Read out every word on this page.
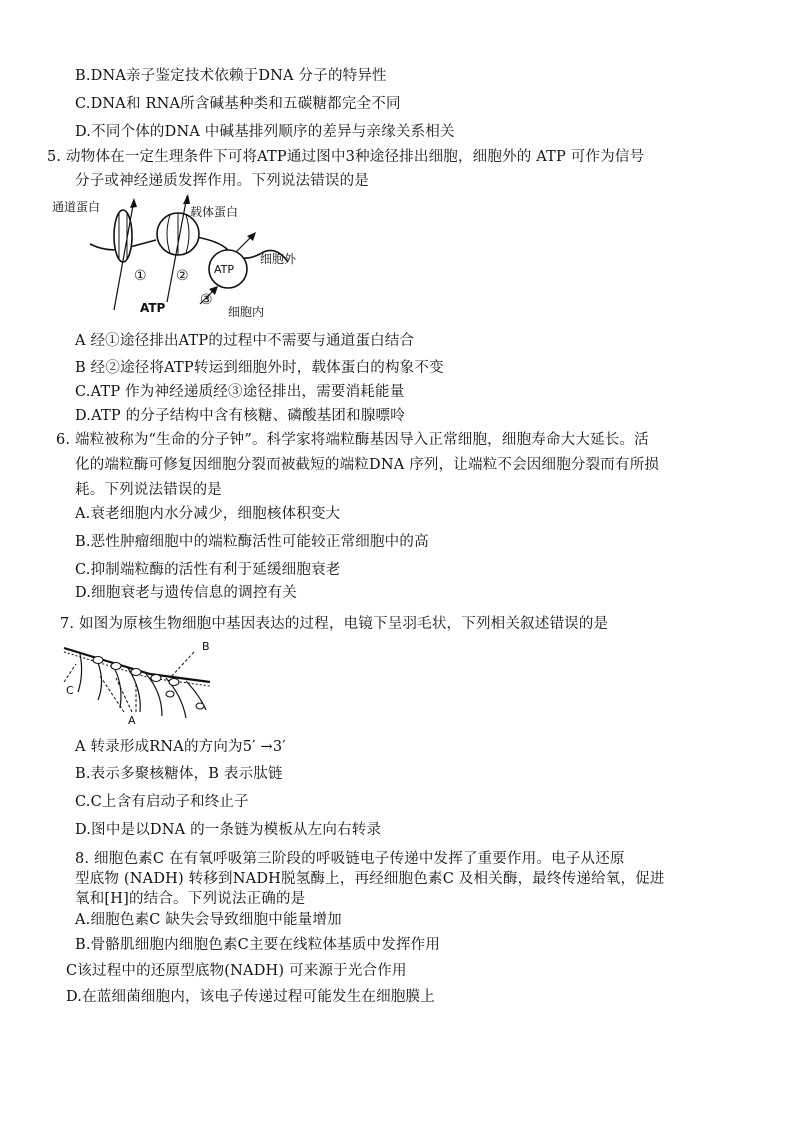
B.DNA亲子鉴定技术依赖于DNA 分子的特异性
C.DNA和 RNA所含碱基种类和五碳糖都完全不同
D.不同个体的DNA 中碱基排列顺序的差异与亲缘关系相关
5. 动物体在一定生理条件下可将ATP通过图中3种途径排出细胞，细胞外的 ATP 可作为信号
分子或神经递质发挥作用。下列说法错误的是
通道蛋白	载体蛋白
细胞外
细胞内
ATP
ATP
① ②
③
A 经①途径排出ATP的过程中不需要与通道蛋白结合
B 经②途径将ATP转运到细胞外时，载体蛋白的构象不变
C.ATP 作为神经递质经③途径排出，需要消耗能量
D.ATP 的分子结构中含有核糖、磷酸基团和腺嘌呤
6. 端粒被称为“生命的分子钟”。科学家将端粒酶基因导入正常细胞，细胞寿命大大延长。活
化的端粒酶可修复因细胞分裂而被截短的端粒DNA 序列，让端粒不会因细胞分裂而有所损
耗。下列说法错误的是
A.衰老细胞内水分减少，细胞核体积变大
B.恶性肿瘤细胞中的端粒酶活性可能较正常细胞中的高
C.抑制端粒酶的活性有利于延缓细胞衰老
D.细胞衰老与遗传信息的调控有关
7. 如图为原核生物细胞中基因表达的过程，电镜下呈羽毛状，下列相关叙述错误的是
C
A
B
A 转录形成RNA的方向为5′ →3′
B.表示多聚核糖体，B 表示肽链
C.C上含有启动子和终止子
D.图中是以DNA 的一条链为模板从左向右转录
8. 细胞色素C 在有氧呼吸第三阶段的呼吸链电子传递中发挥了重要作用。电子从还原
型底物 (NADH) 转移到NADH脱氢酶上，再经细胞色素C 及相关酶，最终传递给氧，促进
氧和[H]的结合。下列说法正确的是
A.细胞色素C 缺失会导致细胞中能量增加
B.骨骼肌细胞内细胞色素C主要在线粒体基质中发挥作用
C该过程中的还原型底物(NADH) 可来源于光合作用
D.在蓝细菌细胞内，该电子传递过程可能发生在细胞膜上
